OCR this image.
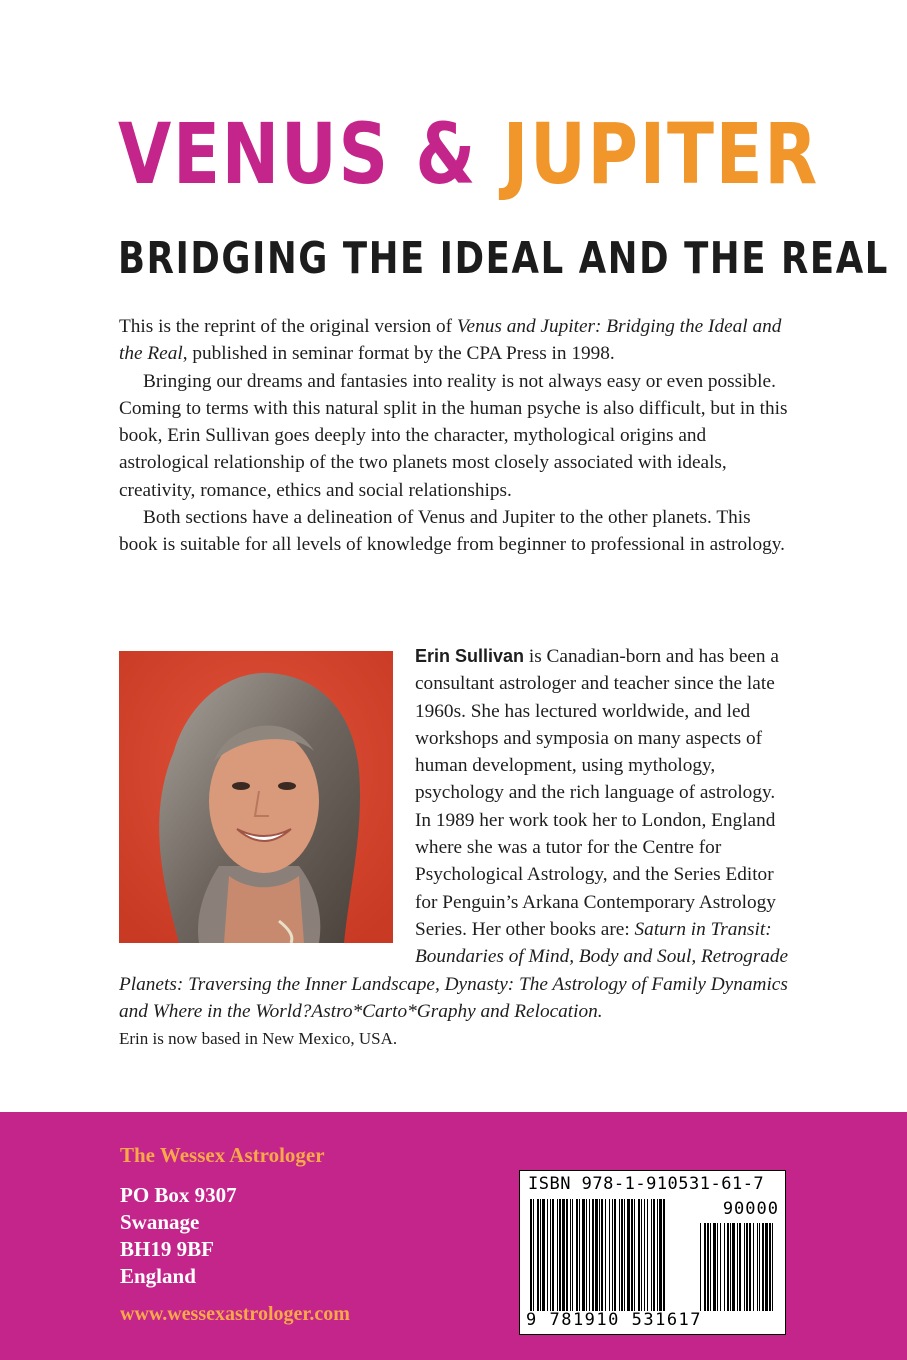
VENUS & JUPITER
BRIDGING THE IDEAL AND THE REAL

This is the reprint of the original version of Venus and Jupiter: Bridging the Ideal and the Real, published in seminar format by the CPA Press in 1998.

Bringing our dreams and fantasies into reality is not always easy or even possible. Coming to terms with this natural split in the human psyche is also difficult, but in this book, Erin Sullivan goes deeply into the character, mythological origins and astrological relationship of the two planets most closely associated with ideals, creativity, romance, ethics and social relationships.

Both sections have a delineation of Venus and Jupiter to the other planets. This book is suitable for all levels of knowledge from beginner to professional in astrology.

Erin Sullivan is Canadian-born and has been a consultant astrologer and teacher since the late 1960s. She has lectured worldwide, and led workshops and symposia on many aspects of human development, using mythology, psychology and the rich language of astrology. In 1989 her work took her to London, England where she was a tutor for the Centre for Psychological Astrology, and the Series Editor for Penguin’s Arkana Contemporary Astrology Series. Her other books are: Saturn in Transit: Boundaries of Mind, Body and Soul, Retrograde Planets: Traversing the Inner Landscape, Dynasty: The Astrology of Family Dynamics and Where in the World?Astro*Carto*Graphy and Relocation.
Erin is now based in New Mexico, USA.
The Wessex Astrologer
PO Box 9307
Swanage
BH19 9BF
England
www.wessexastrologer.com
ISBN 978-1-910531-61-7
90000
9 781910 531617
